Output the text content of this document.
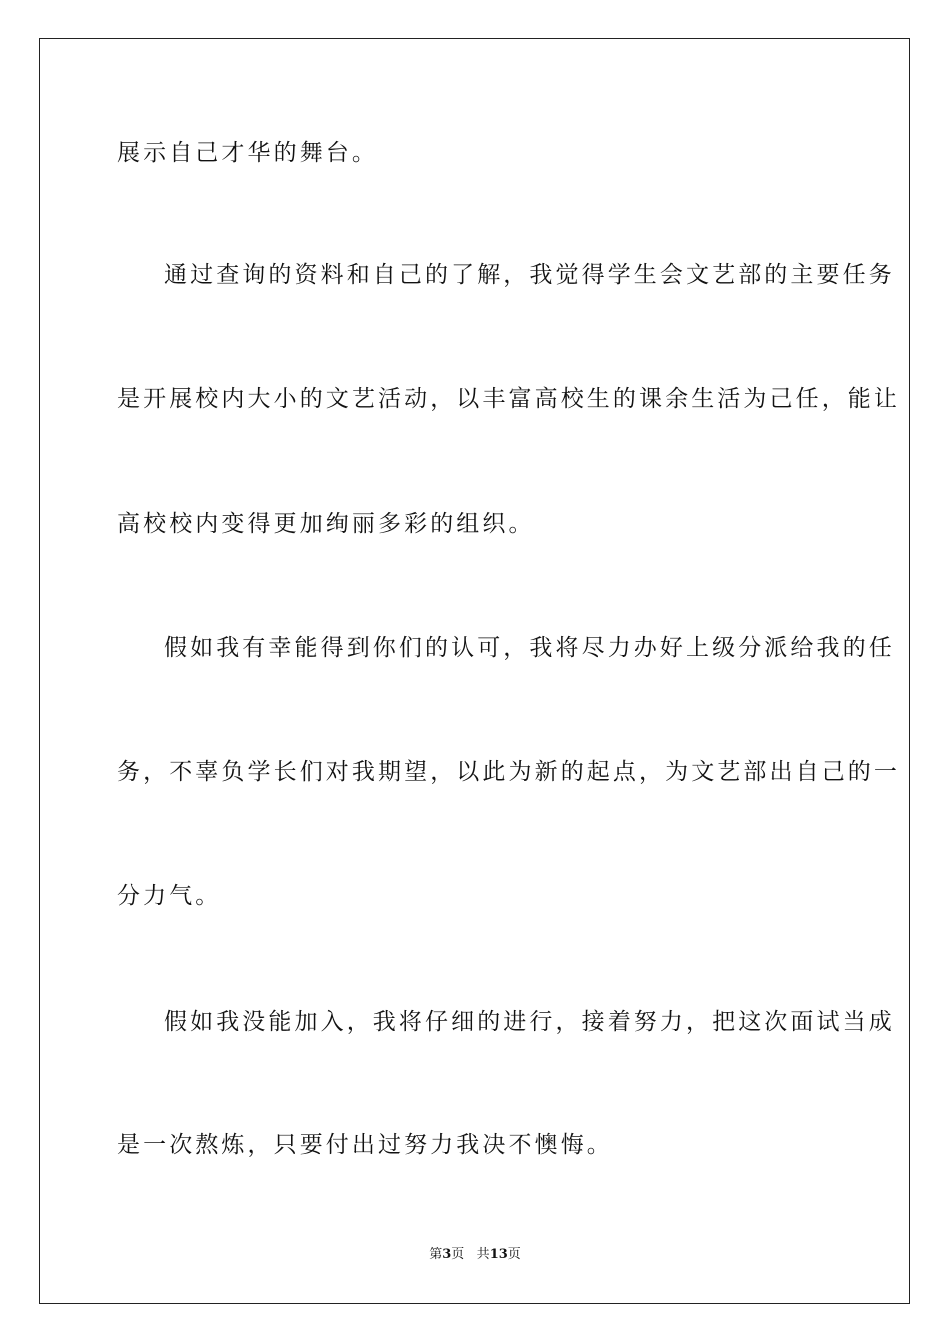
展示自己才华的舞台。

通过查询的资料和自己的了解，我觉得学生会文艺部的主要任务

是开展校内大小的文艺活动，以丰富高校生的课余生活为己任，能让

高校校内变得更加绚丽多彩的组织。

假如我有幸能得到你们的认可，我将尽力办好上级分派给我的任

务，不辜负学长们对我期望，以此为新的起点，为文艺部出自己的一

分力气。

假如我没能加入，我将仔细的进行，接着努力，把这次面试当成

是一次熬炼，只要付出过努力我决不懊悔。

第3页 共13页
